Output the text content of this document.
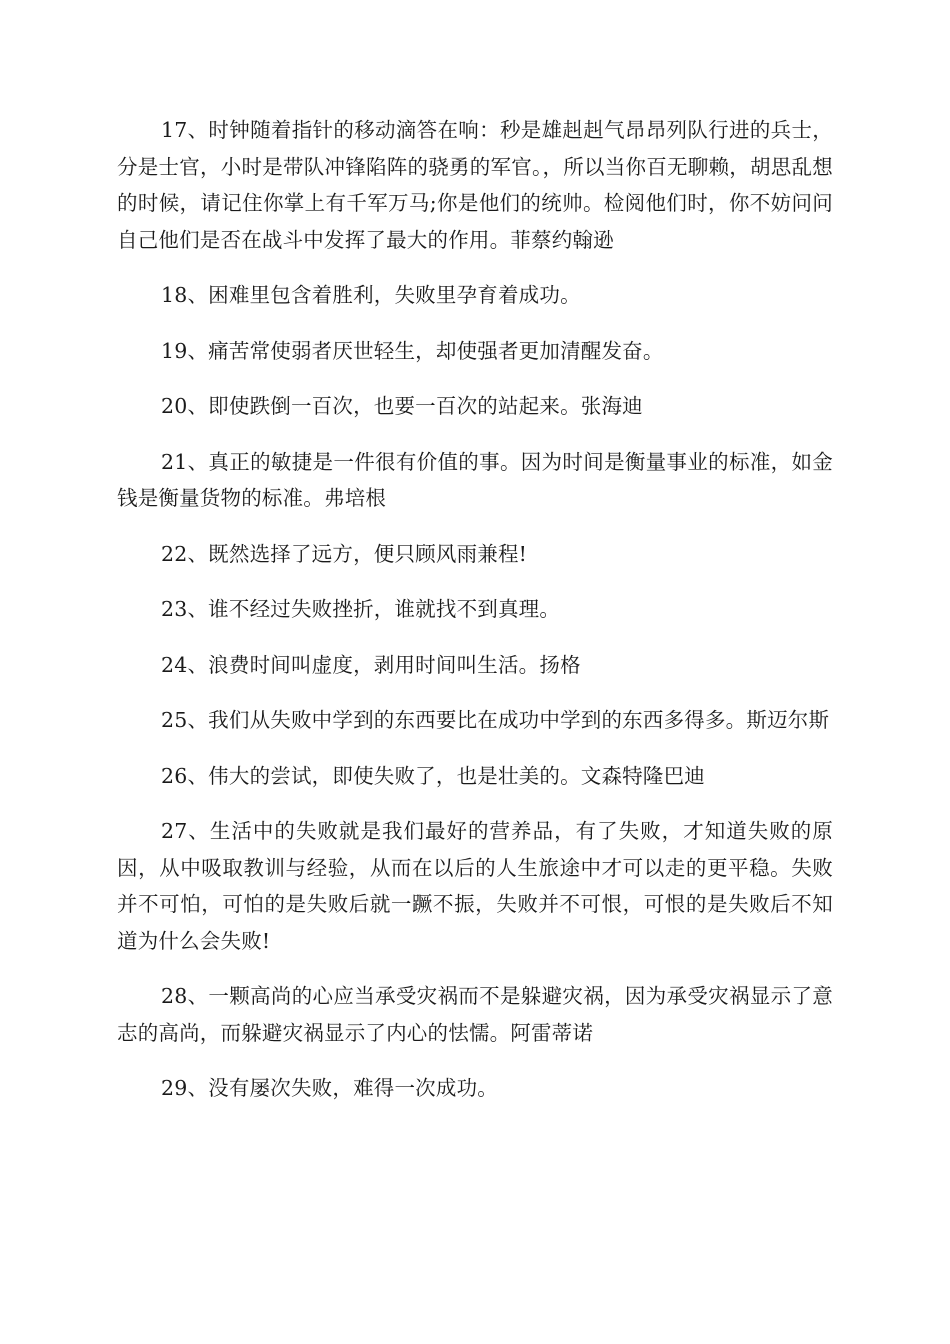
17、时钟随着指针的移动滴答在响：秒是雄赳赳气昂昂列队行进的兵士，分是士官，小时是带队冲锋陷阵的骁勇的军官。，所以当你百无聊赖，胡思乱想的时候，请记住你掌上有千军万马;你是他们的统帅。检阅他们时，你不妨问问自己他们是否在战斗中发挥了最大的作用。菲蔡约翰逊

18、困难里包含着胜利，失败里孕育着成功。

19、痛苦常使弱者厌世轻生，却使强者更加清醒发奋。

20、即使跌倒一百次，也要一百次的站起来。张海迪

21、真正的敏捷是一件很有价值的事。因为时间是衡量事业的标准，如金钱是衡量货物的标准。弗培根

22、既然选择了远方，便只顾风雨兼程!

23、谁不经过失败挫折，谁就找不到真理。

24、浪费时间叫虚度，剥用时间叫生活。扬格

25、我们从失败中学到的东西要比在成功中学到的东西多得多。斯迈尔斯

26、伟大的尝试，即使失败了，也是壮美的。文森特隆巴迪

27、生活中的失败就是我们最好的营养品，有了失败，才知道失败的原因，从中吸取教训与经验，从而在以后的人生旅途中才可以走的更平稳。失败并不可怕，可怕的是失败后就一蹶不振，失败并不可恨，可恨的是失败后不知道为什么会失败!

28、一颗高尚的心应当承受灾祸而不是躲避灾祸，因为承受灾祸显示了意志的高尚，而躲避灾祸显示了内心的怯懦。阿雷蒂诺

29、没有屡次失败，难得一次成功。
